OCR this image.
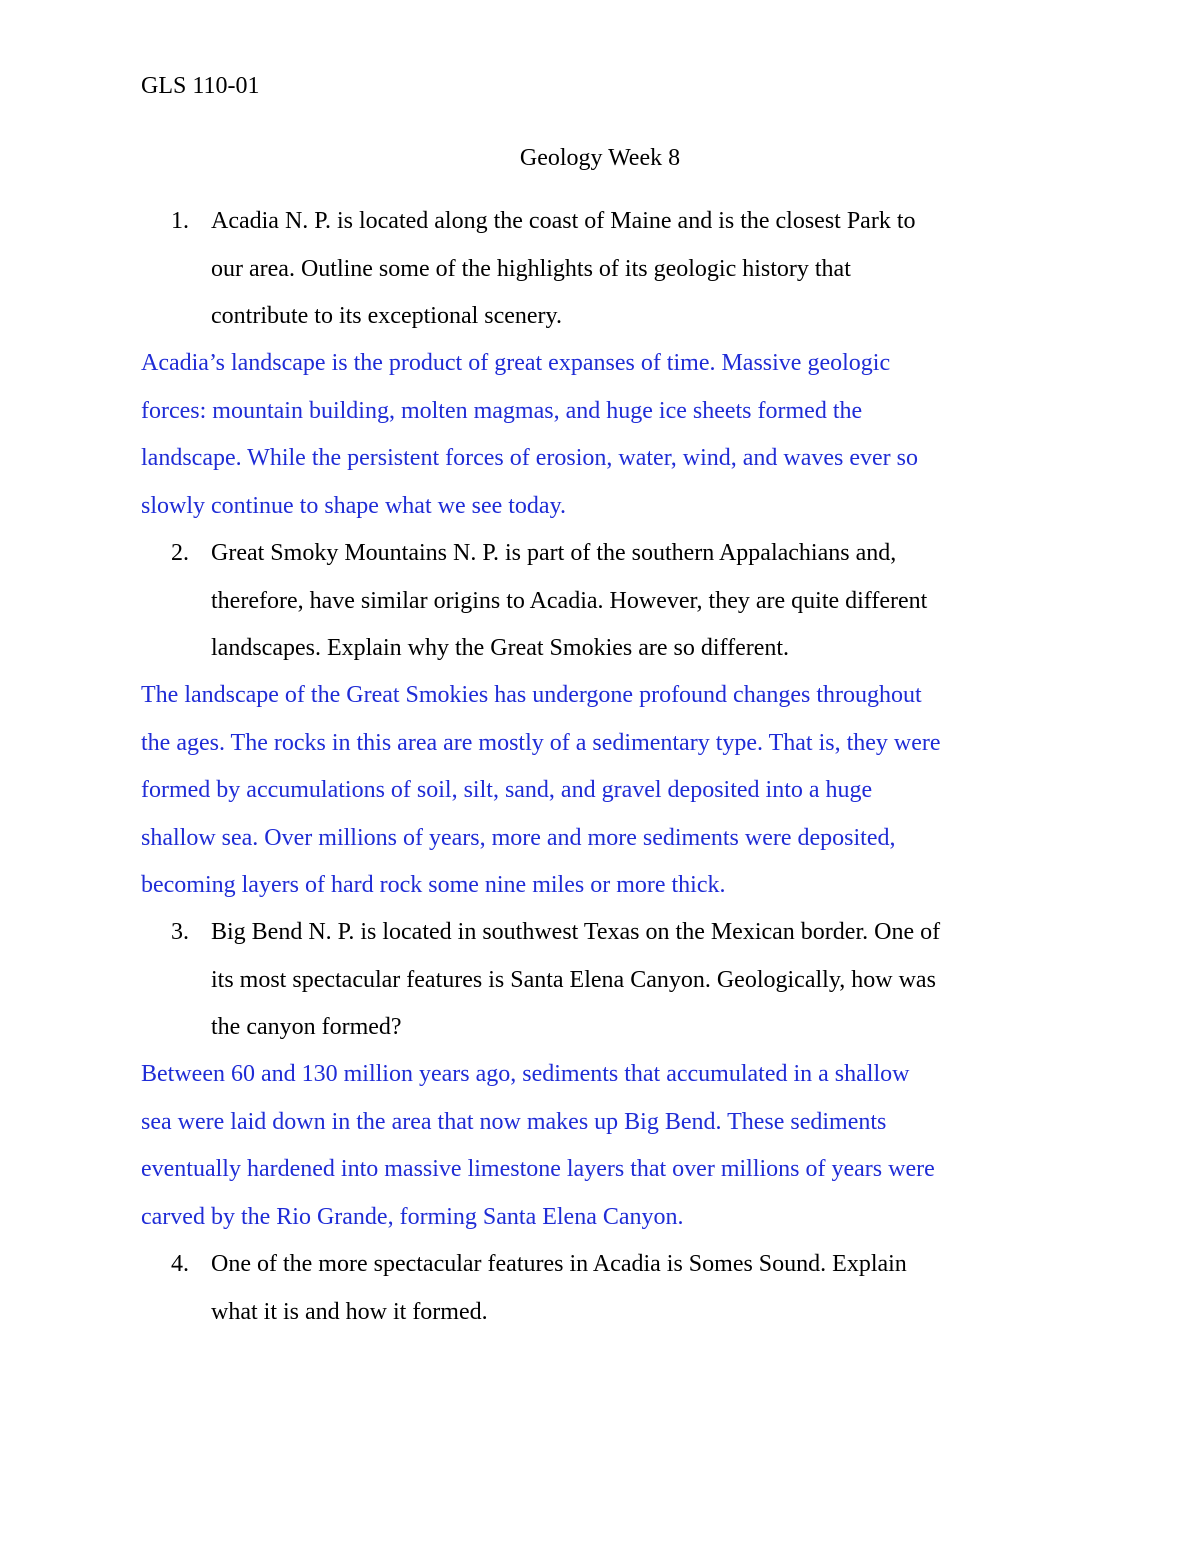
GLS 110-01
Geology Week 8
1. Acadia N. P. is located along the coast of Maine and is the closest Park to
our area. Outline some of the highlights of its geologic history that
contribute to its exceptional scenery.
Acadia’s landscape is the product of great expanses of time. Massive geologic
forces: mountain building, molten magmas, and huge ice sheets formed the
landscape. While the persistent forces of erosion, water, wind, and waves ever so
slowly continue to shape what we see today.
2. Great Smoky Mountains N. P. is part of the southern Appalachians and,
therefore, have similar origins to Acadia. However, they are quite different
landscapes. Explain why the Great Smokies are so different.
The landscape of the Great Smokies has undergone profound changes throughout
the ages. The rocks in this area are mostly of a sedimentary type. That is, they were
formed by accumulations of soil, silt, sand, and gravel deposited into a huge
shallow sea. Over millions of years, more and more sediments were deposited,
becoming layers of hard rock some nine miles or more thick.
3. Big Bend N. P. is located in southwest Texas on the Mexican border. One of
its most spectacular features is Santa Elena Canyon. Geologically, how was
the canyon formed?
Between 60 and 130 million years ago, sediments that accumulated in a shallow
sea were laid down in the area that now makes up Big Bend. These sediments
eventually hardened into massive limestone layers that over millions of years were
carved by the Rio Grande, forming Santa Elena Canyon.
4. One of the more spectacular features in Acadia is Somes Sound. Explain
what it is and how it formed.
